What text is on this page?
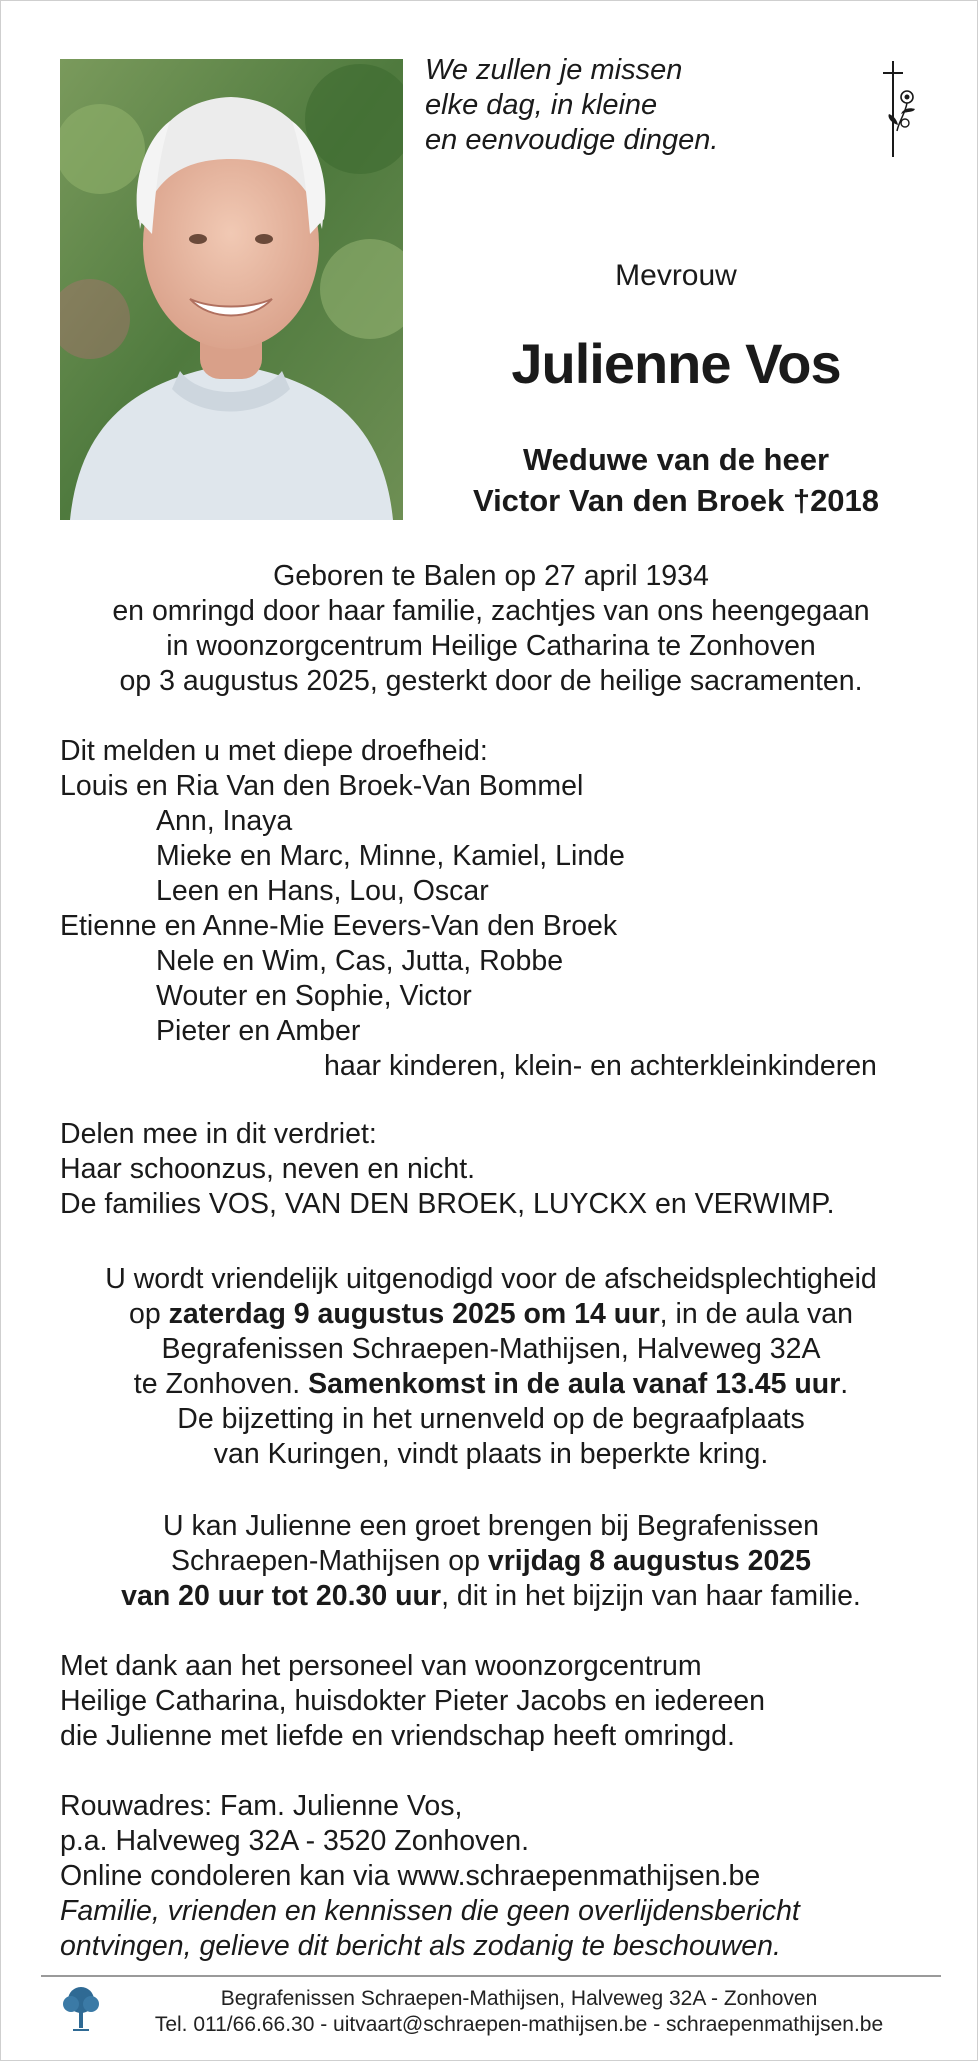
We zullen je missen
elke dag, in kleine
en eenvoudige dingen.
Mevrouw
Julienne Vos
Weduwe van de heer
Victor Van den Broek †2018
Geboren te Balen op 27 april 1934
en omringd door haar familie, zachtjes van ons heengegaan
in woonzorgcentrum Heilige Catharina te Zonhoven
op 3 augustus 2025, gesterkt door de heilige sacramenten.
Dit melden u met diepe droefheid:
Louis en Ria Van den Broek-Van Bommel
Ann, Inaya
Mieke en Marc, Minne, Kamiel, Linde
Leen en Hans, Lou, Oscar
Etienne en Anne-Mie Eevers-Van den Broek
Nele en Wim, Cas, Jutta, Robbe
Wouter en Sophie, Victor
Pieter en Amber
haar kinderen, klein- en achterkleinkinderen
Delen mee in dit verdriet:
Haar schoonzus, neven en nicht.
De families VOS, VAN DEN BROEK, LUYCKX en VERWIMP.
U wordt vriendelijk uitgenodigd voor de afscheidsplechtigheid
op zaterdag 9 augustus 2025 om 14 uur, in de aula van
Begrafenissen Schraepen-Mathijsen, Halveweg 32A
te Zonhoven. Samenkomst in de aula vanaf 13.45 uur.
De bijzetting in het urnenveld op de begraafplaats
van Kuringen, vindt plaats in beperkte kring.
U kan Julienne een groet brengen bij Begrafenissen
Schraepen-Mathijsen op vrijdag 8 augustus 2025
van 20 uur tot 20.30 uur, dit in het bijzijn van haar familie.
Met dank aan het personeel van woonzorgcentrum
Heilige Catharina, huisdokter Pieter Jacobs en iedereen
die Julienne met liefde en vriendschap heeft omringd.
Rouwadres: Fam. Julienne Vos,
p.a. Halveweg 32A - 3520 Zonhoven.
Online condoleren kan via www.schraepenmathijsen.be
Familie, vrienden en kennissen die geen overlijdensbericht
ontvingen, gelieve dit bericht als zodanig te beschouwen.
Begrafenissen Schraepen-Mathijsen, Halveweg 32A - Zonhoven
Tel. 011/66.66.30 - uitvaart@schraepen-mathijsen.be - schraepenmathijsen.be
